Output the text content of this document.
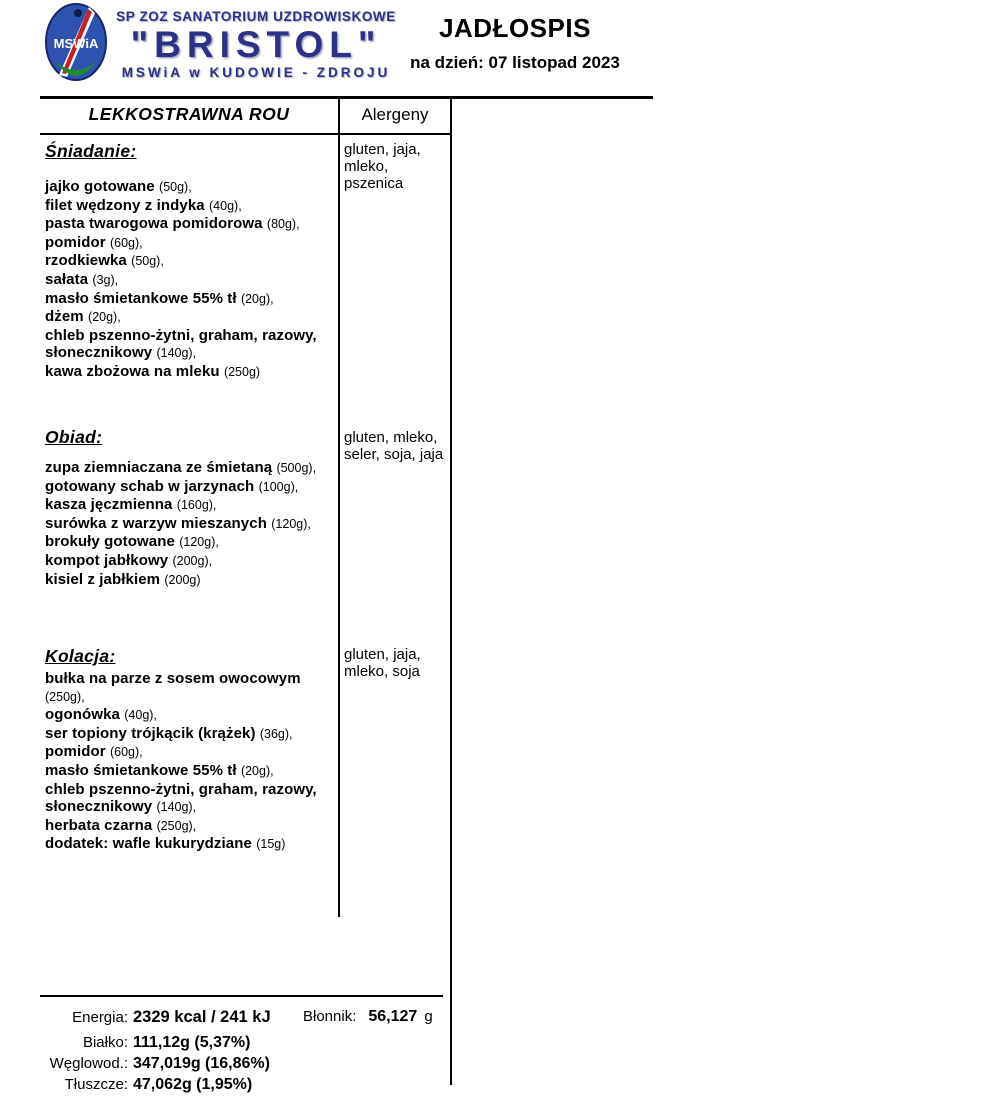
MSWiA
SP ZOZ SANATORIUM UZDROWISKOWE
"BRISTOL"
MSWiA w KUDOWIE - ZDROJU
JADŁOSPIS
na dzień: 07 listopad 2023
LEKKOSTRAWNA ROU	Alergeny
Śniadanie:
jajko gotowane (50g),
filet wędzony z indyka (40g),
pasta twarogowa pomidorowa (80g),
pomidor (60g),
rzodkiewka (50g),
sałata (3g),
masło śmietankowe 55% tł (20g),
dżem (20g),
chleb pszenno-żytni, graham, razowy, słonecznikowy (140g),
kawa zbożowa na mleku (250g)
gluten, jaja, mleko, pszenica
Obiad:
zupa ziemniaczana ze śmietaną (500g),
gotowany schab w jarzynach (100g),
kasza jęczmienna (160g),
surówka z warzyw mieszanych (120g),
brokuły gotowane (120g),
kompot jabłkowy (200g),
kisiel z jabłkiem (200g)
gluten, mleko, seler, soja, jaja
Kolacja:
bułka na parze z sosem owocowym (250g),
ogonówka (40g),
ser topiony trójkącik (krążek) (36g),
pomidor (60g),
masło śmietankowe 55% tł (20g),
chleb pszenno-żytni, graham, razowy, słonecznikowy (140g),
herbata czarna (250g),
dodatek: wafle kukurydziane (15g)
gluten, jaja, mleko, soja
Energia: 2329 kcal / 241 kJ Błonnik: 56,127 g
Białko: 111,12g (5,37%)
Węglowod.: 347,019g (16,86%)
Tłuszcze: 47,062g (1,95%)
